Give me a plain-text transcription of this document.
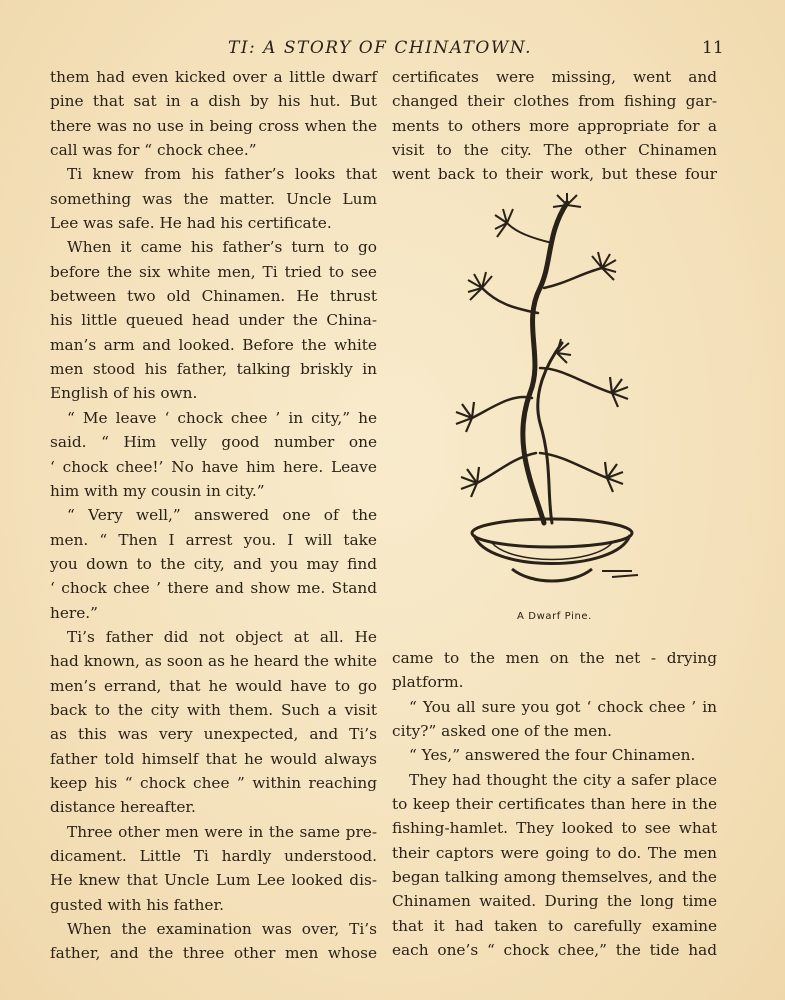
TI: A STORY OF CHINATOWN.	11
them had even kicked over a little dwarf
pine that sat in a dish by his hut. But
there was no use in being cross when the
call was for “ chock chee.”
Ti knew from his father’s looks that
something was the matter. Uncle Lum
Lee was safe. He had his certificate.
When it came his father’s turn to go
before the six white men, Ti tried to see
between two old Chinamen. He thrust
his little queued head under the China-
man’s arm and looked. Before the white
men stood his father, talking briskly in
English of his own.
“ Me leave ‘ chock chee ’ in city,” he
said. “ Him velly good number one
‘ chock chee!’ No have him here. Leave
him with my cousin in city.”
“ Very well,” answered one of the
men. “ Then I arrest you. I will take
you down to the city, and you may find
‘ chock chee ’ there and show me. Stand
here.”
Ti’s father did not object at all. He
had known, as soon as he heard the white
men’s errand, that he would have to go
back to the city with them. Such a visit
as this was very unexpected, and Ti’s
father told himself that he would always
keep his “ chock chee ” within reaching
distance hereafter.
Three other men were in the same pre-
dicament. Little Ti hardly understood.
He knew that Uncle Lum Lee looked dis-
gusted with his father.
When the examination was over, Ti’s
father, and the three other men whose
certificates were missing, went and
changed their clothes from fishing gar-
ments to others more appropriate for a
visit to the city. The other Chinamen
went back to their work, but these four
A Dwarf Pine.
came to the men on the net - drying
platform.
“ You all sure you got ‘ chock chee ’ in
city?” asked one of the men.
“ Yes,” answered the four Chinamen.
They had thought the city a safer place
to keep their certificates than here in the
fishing-hamlet. They looked to see what
their captors were going to do. The men
began talking among themselves, and the
Chinamen waited. During the long time
that it had taken to carefully examine
each one’s “ chock chee,” the tide had
